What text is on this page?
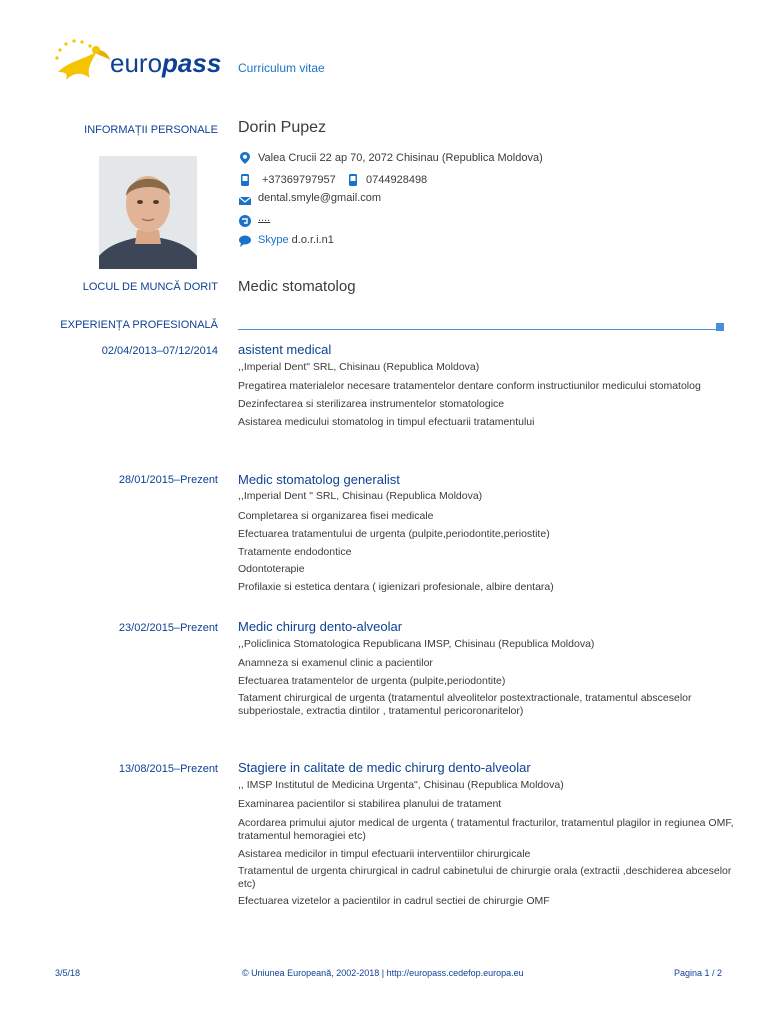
europass Curriculum vitae
INFORMAȚII PERSONALE Dorin Pupez
Valea Crucii 22 ap 70, 2072 Chisinau (Republica Moldova)
+37369797957	0744928498
dental.smyle@gmail.com
....
Skype d.o.r.i.n1
LOCUL DE MUNCĂ DORIT Medic stomatolog
EXPERIENȚA PROFESIONALĂ
02/04/2013–07/12/2014 asistent medical
,,Imperial Dent" SRL, Chisinau (Republica Moldova)
Pregatirea materialelor necesare tratamentelor dentare conform instructiunilor medicului stomatolog
Dezinfectarea si sterilizarea instrumentelor stomatologice
Asistarea medicului stomatolog in timpul efectuarii tratamentului
28/01/2015–Prezent Medic stomatolog generalist
,,Imperial Dent " SRL, Chisinau (Republica Moldova)
Completarea si organizarea fisei medicale
Efectuarea tratamentului de urgenta (pulpite,periodontite,periostite)
Tratamente endodontice
Odontoterapie
Profilaxie si estetica dentara ( igienizari profesionale, albire dentara)
23/02/2015–Prezent Medic chirurg dento-alveolar
,,Policlinica Stomatologica Republicana IMSP, Chisinau (Republica Moldova)
Anamneza si examenul clinic a pacientilor
Efectuarea tratamentelor de urgenta (pulpite,periodontite)
Tatament chirurgical de urgenta (tratamentul alveolitelor postextractionale, tratamentul absceselor subperiostale, extractia dintilor , tratamentul pericoronaritelor)
13/08/2015–Prezent Stagiere in calitate de medic chirurg dento-alveolar
,, IMSP Institutul de Medicina Urgenta", Chisinau (Republica Moldova)
Examinarea pacientilor si stabilirea planului de tratament
Acordarea primului ajutor medical de urgenta ( tratamentul fracturilor, tratamentul plagilor in regiunea OMF, tratamentul hemoragiei etc)
Asistarea medicilor in timpul efectuarii interventiilor chirurgicale
Tratamentul de urgenta chirurgical in cadrul cabinetului de chirurgie orala (extractii ,deschiderea abceselor etc)
Efectuarea vizetelor a pacientilor in cadrul sectiei de chirurgie OMF
3/5/18	© Uniunea Europeană, 2002-2018 | http://europass.cedefop.europa.eu	Pagina 1 / 2
